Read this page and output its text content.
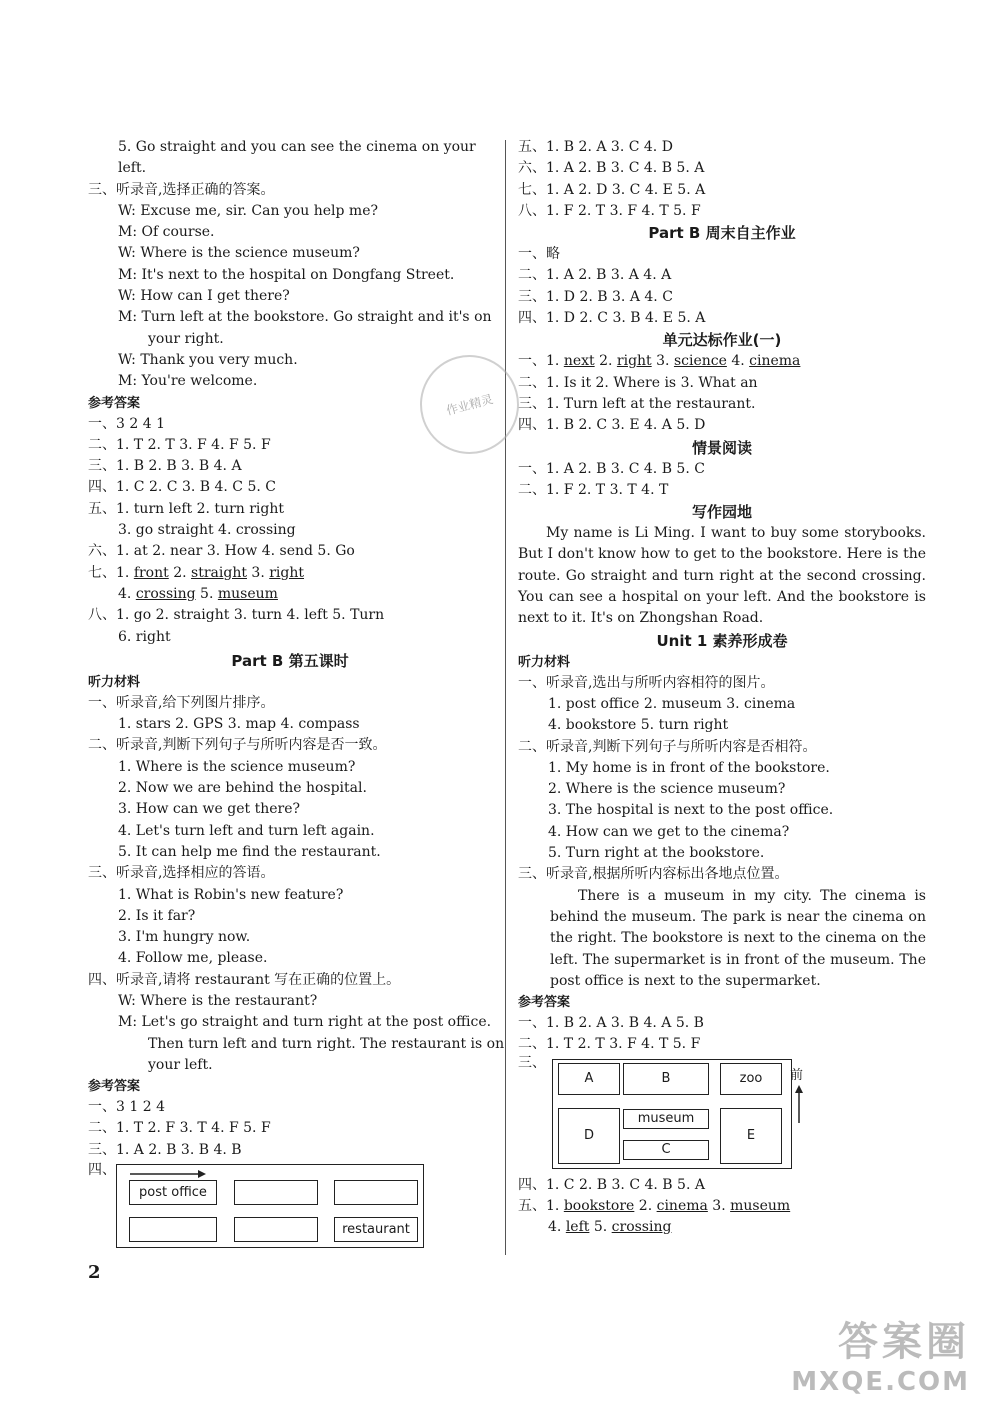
5. Go straight and you can see the cinema on your
left.
三、听录音,选择正确的答案。
W: Excuse me, sir. Can you help me?
M: Of course.
W: Where is the science museum?
M: It's next to the hospital on Dongfang Street.
W: How can I get there?
M: Turn left at the bookstore. Go straight and it's on
your right.
W: Thank you very much.
M: You're welcome.
参考答案
一、3 2 4 1
二、1. T 2. T 3. F 4. F 5. F
三、1. B 2. B 3. B 4. A
四、1. C 2. C 3. B 4. C 5. C
五、1. turn left 2. turn right
3. go straight 4. crossing
六、1. at 2. near 3. How 4. send 5. Go
七、1. front 2. straight 3. right
4. crossing 5. museum
八、1. go 2. straight 3. turn 4. left 5. Turn
6. right
Part B 第五课时
听力材料
一、听录音,给下列图片排序。
1. stars 2. GPS 3. map 4. compass
二、听录音,判断下列句子与所听内容是否一致。
1. Where is the science museum?
2. Now we are behind the hospital.
3. How can we get there?
4. Let's turn left and turn left again.
5. It can help me find the restaurant.
三、听录音,选择相应的答语。
1. What is Robin's new feature?
2. Is it far?
3. I'm hungry now.
4. Follow me, please.
四、听录音,请将 restaurant 写在正确的位置上。
W: Where is the restaurant?
M: Let's go straight and turn right at the post office.
Then turn left and turn right. The restaurant is on
your left.
参考答案
一、3 1 2 4
二、1. T 2. F 3. T 4. F 5. F
三、1. A 2. B 3. B 4. B
四、
post office
restaurant
五、1. B 2. A 3. C 4. D
六、1. A 2. B 3. C 4. B 5. A
七、1. A 2. D 3. C 4. E 5. A
八、1. F 2. T 3. F 4. T 5. F
Part B 周末自主作业
一、略
二、1. A 2. B 3. A 4. A
三、1. D 2. B 3. A 4. C
四、1. D 2. C 3. B 4. E 5. A
单元达标作业(一)
一、1. next 2. right 3. science 4. cinema
二、1. Is it 2. Where is 3. What an
三、1. Turn left at the restaurant.
四、1. B 2. C 3. E 4. A 5. D
情景阅读
一、1. A 2. B 3. C 4. B 5. C
二、1. F 2. T 3. T 4. T
写作园地
My name is Li Ming. I want to buy some storybooks. But I don't know how to get to the bookstore. Here is the route. Go straight and turn right at the second crossing. You can see a hospital on your left. And the bookstore is next to it. It's on Zhongshan Road.
Unit 1 素养形成卷
听力材料
一、听录音,选出与所听内容相符的图片。
1. post office 2. museum 3. cinema
4. bookstore 5. turn right
二、听录音,判断下列句子与所听内容是否相符。
1. My home is in front of the bookstore.
2. Where is the science museum?
3. The hospital is next to the post office.
4. How can we get to the cinema?
5. Turn right at the bookstore.
三、听录音,根据所听内容标出各地点位置。
There is a museum in my city. The cinema is behind the museum. The park is near the cinema on the right. The bookstore is next to the cinema on the left. The supermarket is in front of the museum. The post office is next to the supermarket.
参考答案
一、1. B 2. A 3. B 4. A 5. B
二、1. T 2. T 3. F 4. T 5. F
三、
A	B	zoo
D
museum
C
E
前
四、1. C 2. B 3. C 4. B 5. A
五、1. bookstore 2. cinema 3. museum
4. left 5. crossing
作业精灵
2
答案圈
MXQE.COM
